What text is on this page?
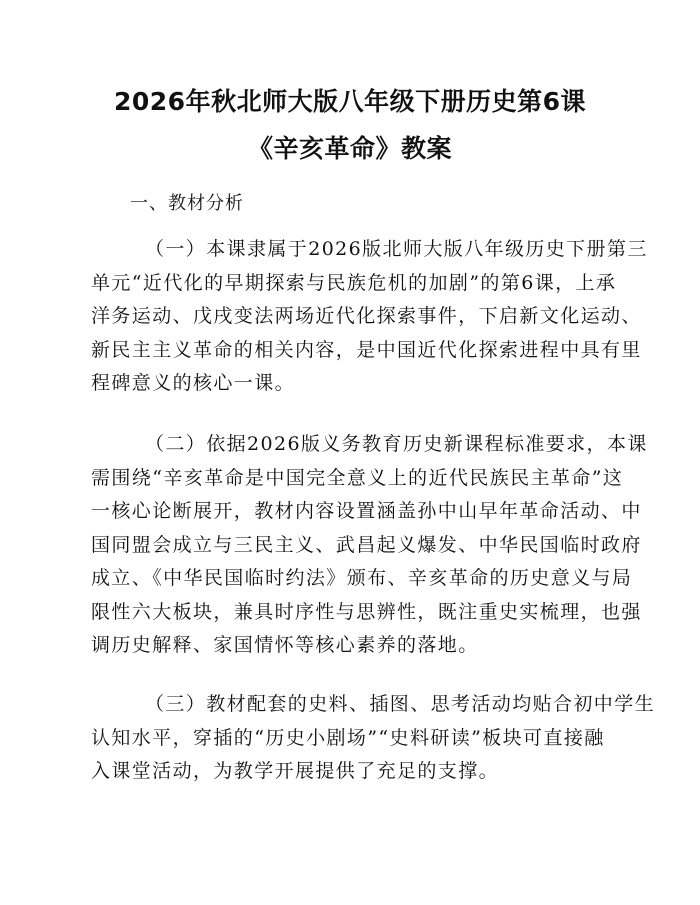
2026年秋北师大版八年级下册历史第6课
《辛亥革命》教案
一、教材分析
（一）本课隶属于2026版北师大版八年级历史下册第三
单元“近代化的早期探索与民族危机的加剧”的第6课，上承
洋务运动、戊戌变法两场近代化探索事件，下启新文化运动、
新民主主义革命的相关内容，是中国近代化探索进程中具有里
程碑意义的核心一课。
（二）依据2026版义务教育历史新课程标准要求，本课
需围绕“辛亥革命是中国完全意义上的近代民族民主革命”这
一核心论断展开，教材内容设置涵盖孙中山早年革命活动、中
国同盟会成立与三民主义、武昌起义爆发、中华民国临时政府
成立、《中华民国临时约法》颁布、辛亥革命的历史意义与局
限性六大板块，兼具时序性与思辨性，既注重史实梳理，也强
调历史解释、家国情怀等核心素养的落地。
（三）教材配套的史料、插图、思考活动均贴合初中学生
认知水平，穿插的“历史小剧场”“史料研读”板块可直接融
入课堂活动，为教学开展提供了充足的支撑。
